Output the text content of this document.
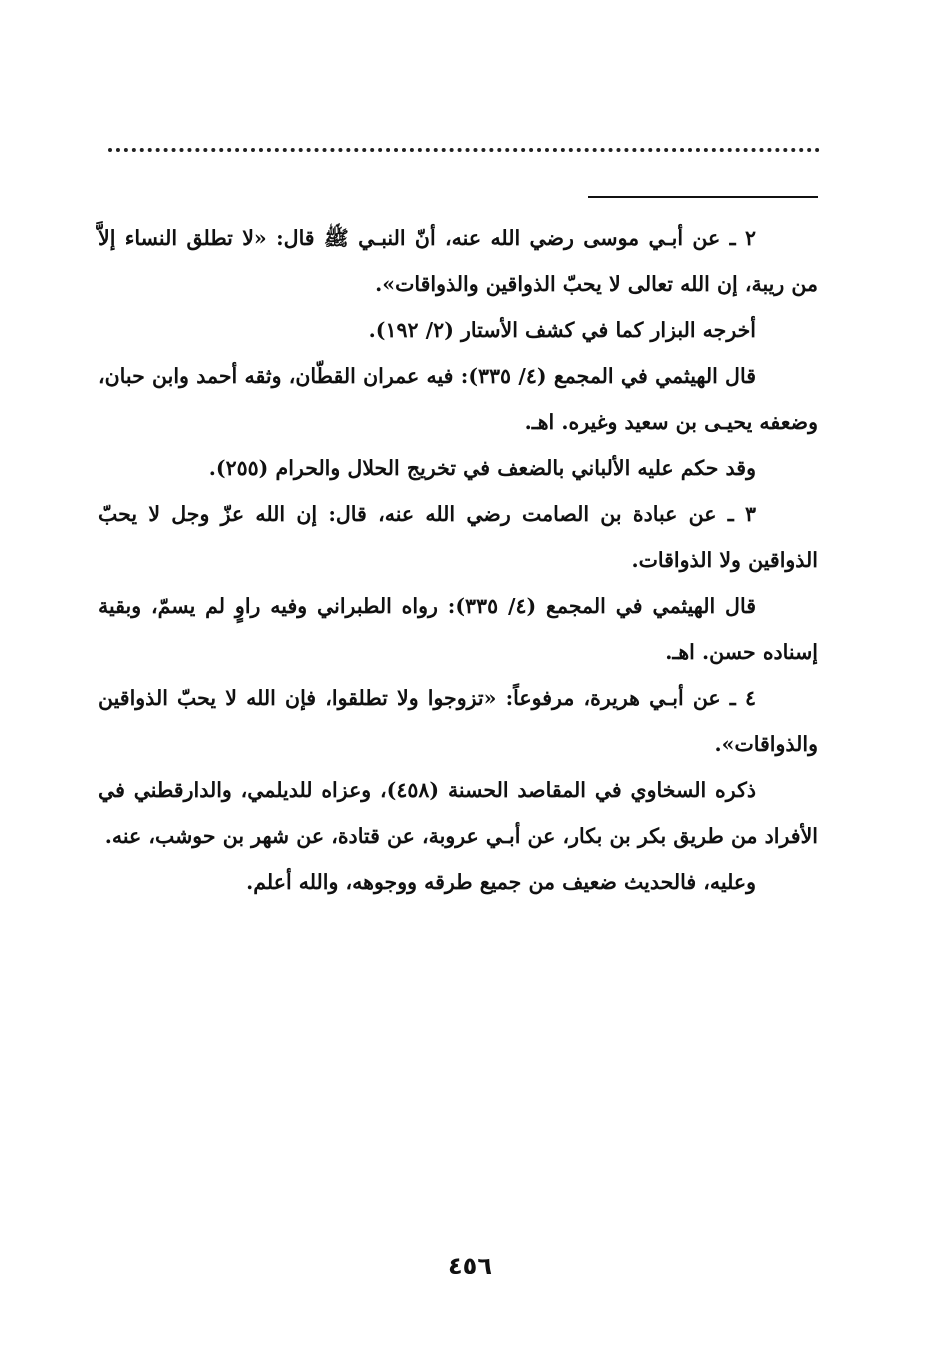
٢ ـ عن أبـي موسى رضي الله عنه، أنّ النبـي ﷺ قال: «لا تطلق النساء إلاَّ من ريبة، إن الله تعالى لا يحبّ الذواقين والذواقات».

أخرجه البزار كما في كشف الأستار (٢/ ١٩٢).

قال الهيثمي في المجمع (٤/ ٣٣٥): فيه عمران القطّان، وثقه أحمد وابن حبان، وضعفه يحيـى بن سعيد وغيره. اهـ.

وقد حكم عليه الألباني بالضعف في تخريج الحلال والحرام (٢٥٥).

٣ ـ عن عبادة بن الصامت رضي الله عنه، قال: إن الله عزّ وجل لا يحبّ الذواقين ولا الذواقات.

قال الهيثمي في المجمع (٤/ ٣٣٥): رواه الطبراني وفيه راوٍ لم يسمّ، وبقية إسناده حسن. اهـ.

٤ ـ عن أبـي هريرة، مرفوعاً: «تزوجوا ولا تطلقوا، فإن الله لا يحبّ الذواقين والذواقات».

ذكره السخاوي في المقاصد الحسنة (٤٥٨)، وعزاه للديلمي، والدارقطني في الأفراد من طريق بكر بن بكار، عن أبـي عروبة، عن قتادة، عن شهر بن حوشب، عنه.

وعليه، فالحديث ضعيف من جميع طرقه ووجوهه، والله أعلم.

٤٥٦
